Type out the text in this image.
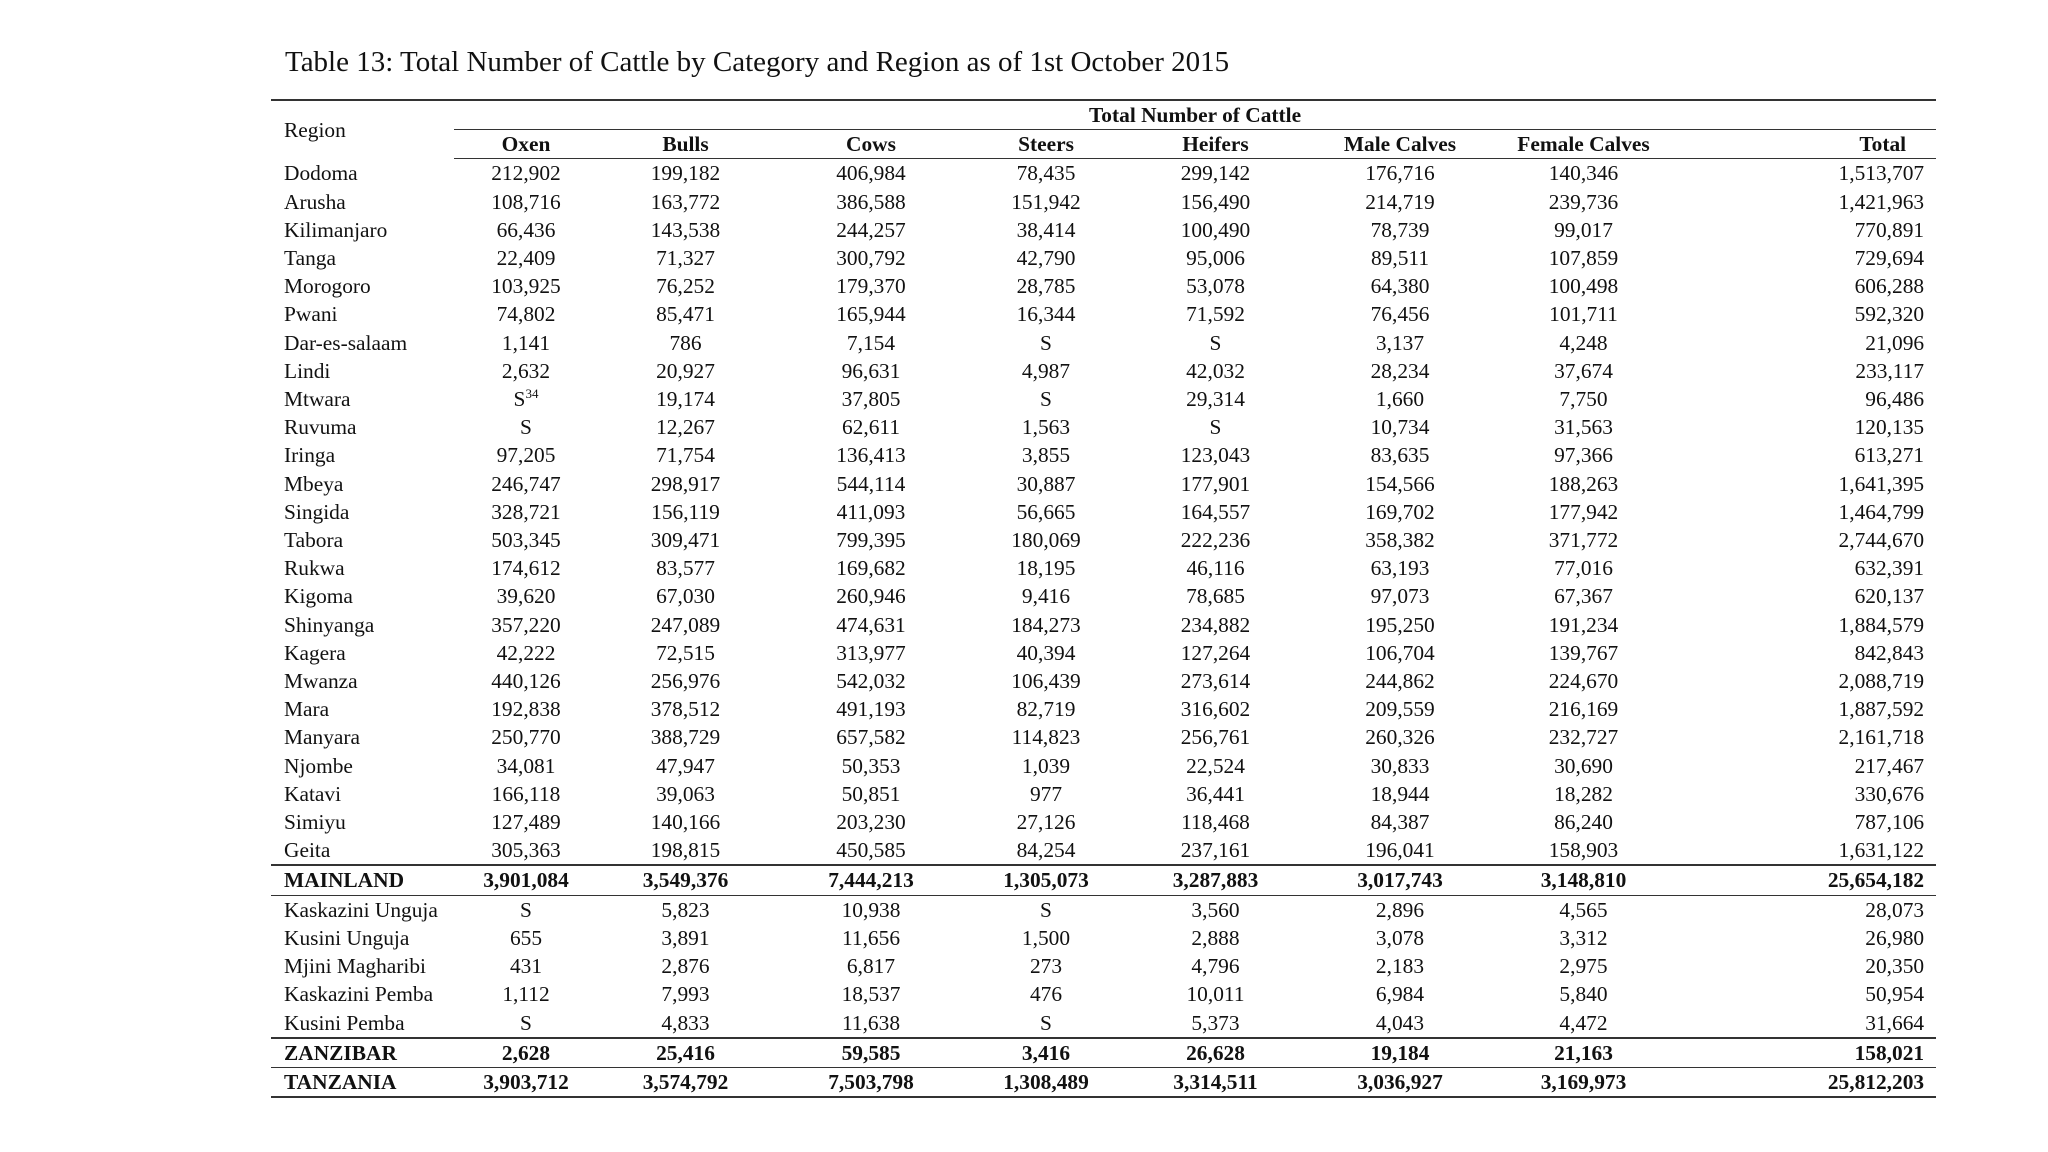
Table 13: Total Number of Cattle by Category and Region as of 1st October 2015
Region	Total Number of Cattle							
	Oxen	Bulls	Cows	Steers	Heifers	Male Calves	Female Calves	Total
Dodoma	212,902	199,182	406,984	78,435	299,142	176,716	140,346	1,513,707
Arusha	108,716	163,772	386,588	151,942	156,490	214,719	239,736	1,421,963
Kilimanjaro	66,436	143,538	244,257	38,414	100,490	78,739	99,017	770,891
Tanga	22,409	71,327	300,792	42,790	95,006	89,511	107,859	729,694
Morogoro	103,925	76,252	179,370	28,785	53,078	64,380	100,498	606,288
Pwani	74,802	85,471	165,944	16,344	71,592	76,456	101,711	592,320
Dar-es-salaam	1,141	786	7,154	S	S	3,137	4,248	21,096
Lindi	2,632	20,927	96,631	4,987	42,032	28,234	37,674	233,117
Mtwara	$S^{34}$	19,174	37,805	S	29,314	1,660	7,750	96,486
Ruvuma	S	12,267	62,611	1,563	S	10,734	31,563	120,135
Iringa	97,205	71,754	136,413	3,855	123,043	83,635	97,366	613,271
Mbeya	246,747	298,917	544,114	30,887	177,901	154,566	188,263	1,641,395
Singida	328,721	156,119	411,093	56,665	164,557	169,702	177,942	1,464,799
Tabora	503,345	309,471	799,395	180,069	222,236	358,382	371,772	2,744,670
Rukwa	174,612	83,577	169,682	18,195	46,116	63,193	77,016	632,391
Kigoma	39,620	67,030	260,946	9,416	78,685	97,073	67,367	620,137
Shinyanga	357,220	247,089	474,631	184,273	234,882	195,250	191,234	1,884,579
Kagera	42,222	72,515	313,977	40,394	127,264	106,704	139,767	842,843
Mwanza	440,126	256,976	542,032	106,439	273,614	244,862	224,670	2,088,719
Mara	192,838	378,512	491,193	82,719	316,602	209,559	216,169	1,887,592
Manyara	250,770	388,729	657,582	114,823	256,761	260,326	232,727	2,161,718
Njombe	34,081	47,947	50,353	1,039	22,524	30,833	30,690	217,467
Katavi	166,118	39,063	50,851	977	36,441	18,944	18,282	330,676
Simiyu	127,489	140,166	203,230	27,126	118,468	84,387	86,240	787,106
Geita	305,363	198,815	450,585	84,254	237,161	196,041	158,903	1,631,122
MAINLAND	3,901,084	3,549,376	7,444,213	1,305,073	3,287,883	3,017,743	3,148,810	25,654,182
Kaskazini Unguja	S	5,823	10,938	S	3,560	2,896	4,565	28,073
Kusini Unguja	655	3,891	11,656	1,500	2,888	3,078	3,312	26,980
Mjini Magharibi	431	2,876	6,817	273	4,796	2,183	2,975	20,350
Kaskazini Pemba	1,112	7,993	18,537	476	10,011	6,984	5,840	50,954
Kusini Pemba	S	4,833	11,638	S	5,373	4,043	4,472	31,664
ZANZIBAR	2,628	25,416	59,585	3,416	26,628	19,184	21,163	158,021
TANZANIA	3,903,712	3,574,792	7,503,798	1,308,489	3,314,511	3,036,927	3,169,973	25,812,203
